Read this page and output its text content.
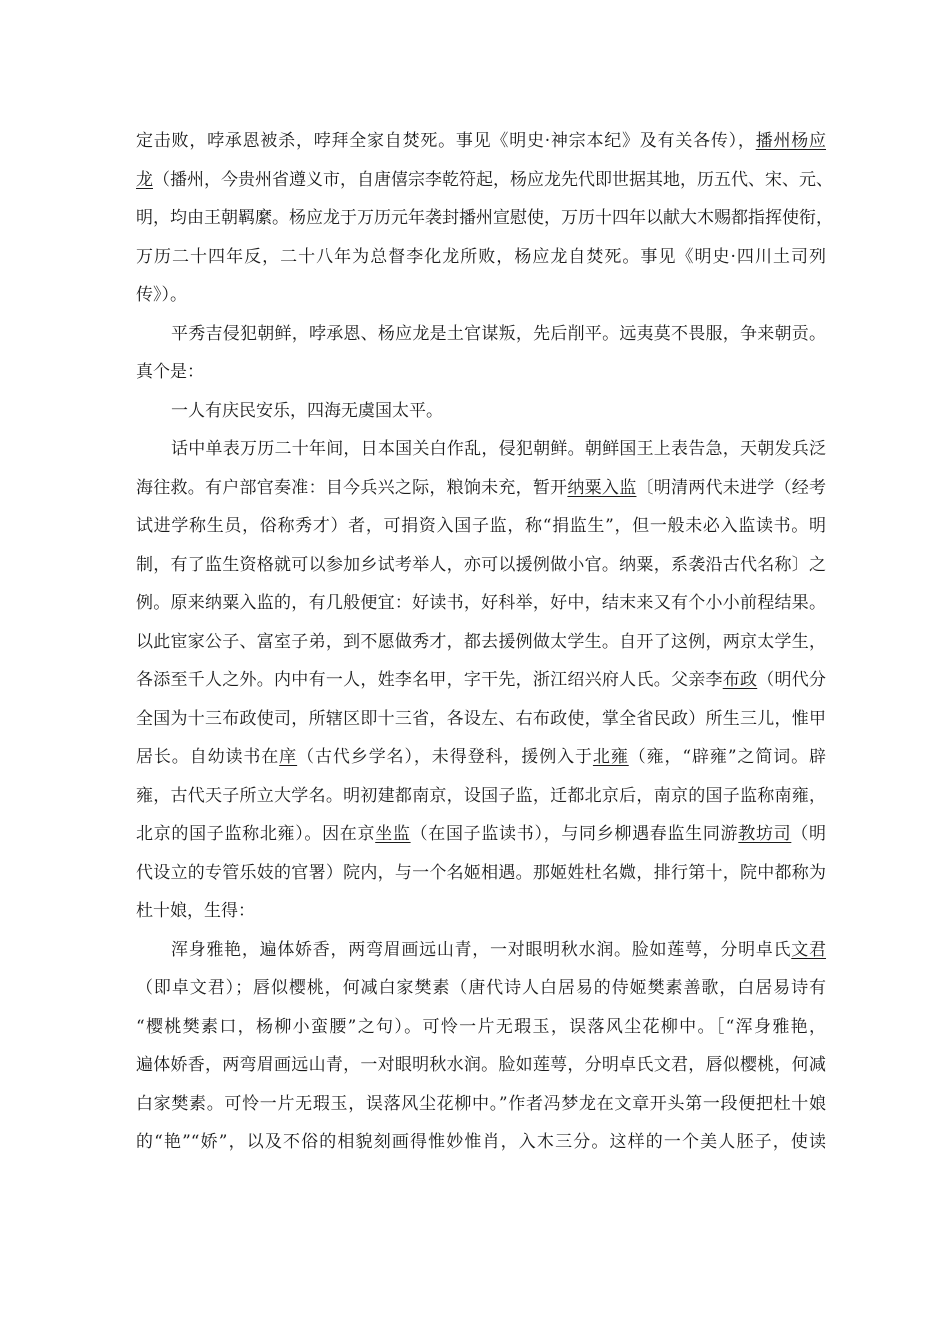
定击败，哱承恩被杀，哱拜全家自焚死。事见《明史·神宗本纪》及有关各传），播州杨应
龙（播州，今贵州省遵义市，自唐僖宗李乾符起，杨应龙先代即世据其地，历五代、宋、元、
明，均由王朝羁縻。杨应龙于万历元年袭封播州宣慰使，万历十四年以献大木赐都指挥使衔，
万历二十四年反，二十八年为总督李化龙所败，杨应龙自焚死。事见《明史·四川土司列
传》）。
平秀吉侵犯朝鲜，哱承恩、杨应龙是土官谋叛，先后削平。远夷莫不畏服，争来朝贡。
真个是：
一人有庆民安乐，四海无虞国太平。
话中单表万历二十年间，日本国关白作乱，侵犯朝鲜。朝鲜国王上表告急，天朝发兵泛
海往救。有户部官奏准：目今兵兴之际，粮饷未充，暂开纳粟入监〔明清两代未进学（经考
试进学称生员，俗称秀才）者，可捐资入国子监，称“捐监生”，但一般未必入监读书。明
制，有了监生资格就可以参加乡试考举人，亦可以援例做小官。纳粟，系袭沿古代名称〕之
例。原来纳粟入监的，有几般便宜：好读书，好科举，好中，结末来又有个小小前程结果。
以此宦家公子、富室子弟，到不愿做秀才，都去援例做太学生。自开了这例，两京太学生，
各添至千人之外。内中有一人，姓李名甲，字干先，浙江绍兴府人氏。父亲李布政（明代分
全国为十三布政使司，所辖区即十三省，各设左、右布政使，掌全省民政）所生三儿，惟甲
居长。自幼读书在庠（古代乡学名），未得登科，援例入于北雍（雍，“辟雍”之简词。辟
雍，古代天子所立大学名。明初建都南京，设国子监，迁都北京后，南京的国子监称南雍，
北京的国子监称北雍）。因在京坐监（在国子监读书），与同乡柳遇春监生同游教坊司（明
代设立的专管乐妓的官署）院内，与一个名姬相遇。那姬姓杜名媺，排行第十，院中都称为
杜十娘，生得：
浑身雅艳，遍体娇香，两弯眉画远山青，一对眼明秋水润。脸如莲萼，分明卓氏文君
（即卓文君）；唇似樱桃，何减白家樊素（唐代诗人白居易的侍姬樊素善歌，白居易诗有
“樱桃樊素口，杨柳小蛮腰”之句）。可怜一片无瑕玉，误落风尘花柳中。［“浑身雅艳，
遍体娇香，两弯眉画远山青，一对眼明秋水润。脸如莲萼，分明卓氏文君，唇似樱桃，何减
白家樊素。可怜一片无瑕玉，误落风尘花柳中。”作者冯梦龙在文章开头第一段便把杜十娘
的“艳”“娇”，以及不俗的相貌刻画得惟妙惟肖，入木三分。这样的一个美人胚子，使读
